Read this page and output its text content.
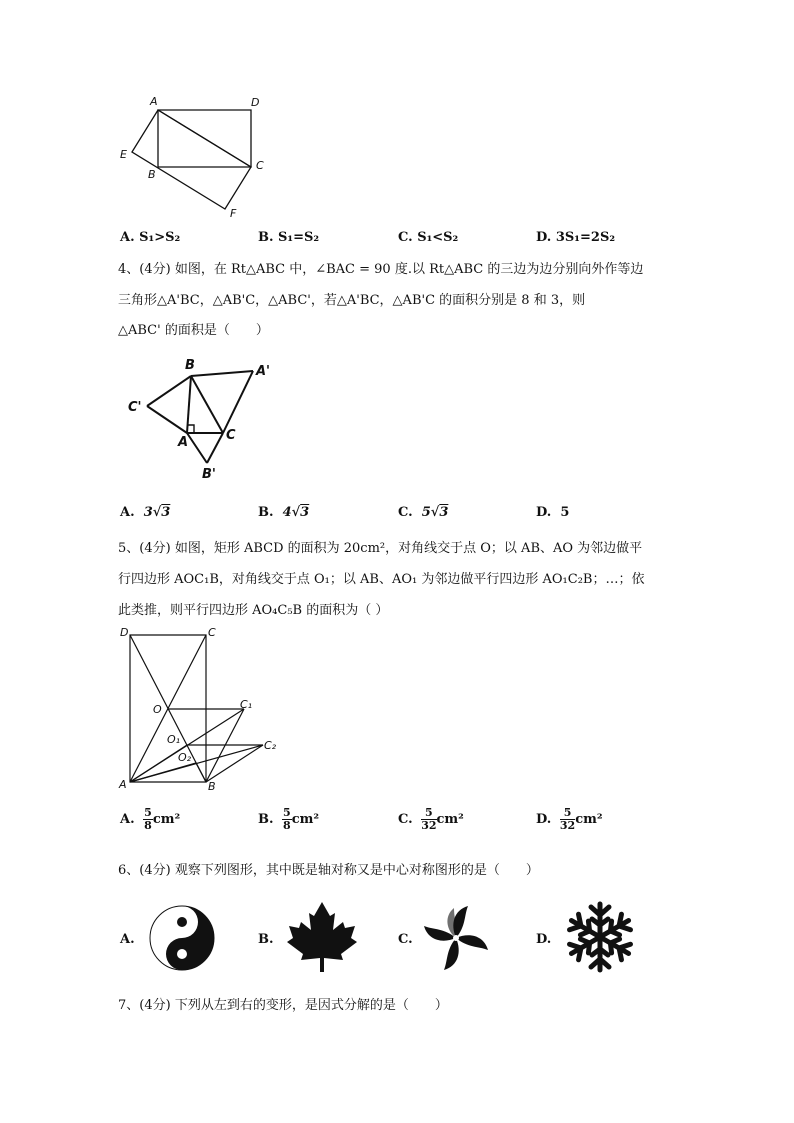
A	D
E
B
C
F
A. S₁>S₂	B. S₁=S₂	C. S₁<S₂	D. 3S₁=2S₂
4、(4分) 如图，在 Rt△ABC 中，∠BAC = 90 度.以 Rt△ABC 的三边为边分别向外作等边
三角形△A'BC，△AB'C，△ABC'，若△A'BC，△AB'C 的面积分别是 8 和 3，则
△ABC' 的面积是（　　）
B	A'
C'
A	C
B'
A. 3√3	B. 4√3	C. 5√3	D. 5
5、(4分) 如图，矩形 ABCD 的面积为 20cm²，对角线交于点 O；以 AB、AO 为邻边做平
行四边形 AOC₁B，对角线交于点 O₁；以 AB、AO₁ 为邻边做平行四边形 AO₁C₂B；…；依
此类推，则平行四边形 AO₄C₅B 的面积为（ ）
D	C
O	C₁
O₁	C₂
O₂
A	B
A. $\frac{5}{8} cm^2$	B. $\frac{5}{8} cm^2$	C. $\frac{5}{32} cm^2$	D. $\frac{5}{32} cm^2$
6、(4分) 观察下列图形，其中既是轴对称又是中心对称图形的是（　　）
A.	B.	C.	D.
7、(4分) 下列从左到右的变形，是因式分解的是（　　）
